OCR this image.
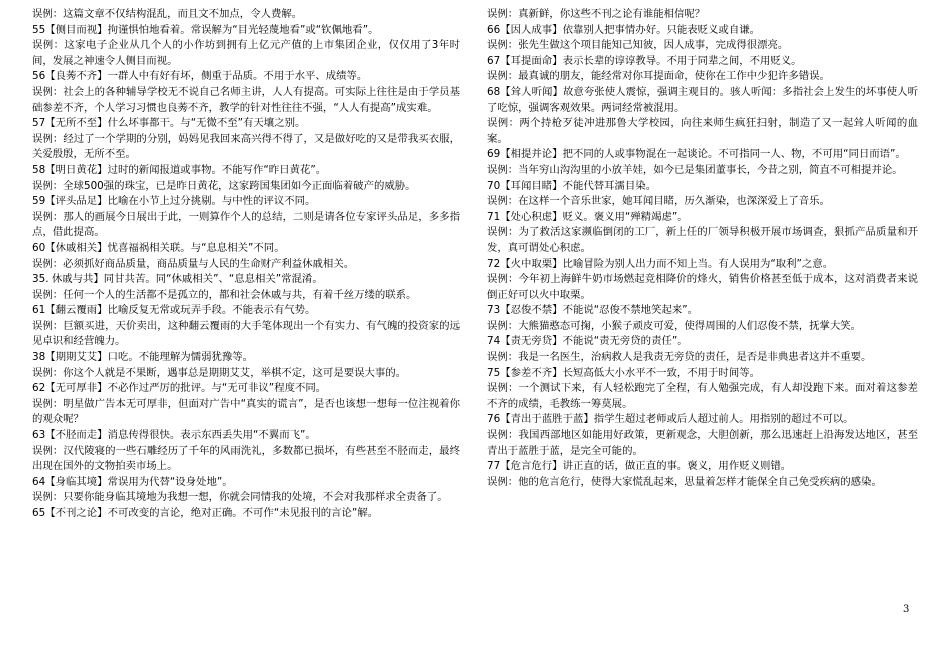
误例：这篇文章不仅结构混乱，而且文不加点，令人费解。

55【侧目而视】拘谨惧怕地看着。常误解为“目光轻蔑地看”或“钦佩地看”。

误例：这家电子企业从几个人的小作坊到拥有上亿元产值的上市集团企业，仅仅用了3年时间，发展之神速令人侧目而视。

56【良莠不齐】一群人中有好有坏，侧重于品质。不用于水平、成绩等。

误例：社会上的各种辅导学校无不说自己名师主讲，人人有提高。可实际上往往是由于学员基础参差不齐，个人学习习惯也良莠不齐，教学的针对性往往不强，“人人有提高”成实难。

57【无所不至】什么坏事都干。与“无微不至”有天壤之别。

误例：经过了一个学期的分别，妈妈见我回来高兴得不得了，又是做好吃的又是带我买衣服，关爱殷殷，无所不至。

58【明日黄花】过时的新闻报道或事物。不能写作“昨日黄花”。

误例：全球500强的珠宝，已是昨日黄花，这家跨国集团如今正面临着破产的威胁。

59【评头品足】比喻在小节上过分挑剔。与中性的评议不同。

误例：那人的画展今日展出于此，一则算作个人的总结，二则是请各位专家评头品足，多多指点，借此提高。

60【休戚相关】忧喜福祸相关联。与“息息相关”不同。

误例：必须抓好商品质量，商品质量与人民的生命财产利益休戚相关。

35. 休戚与共】同甘共苦。同“休戚相关”、“息息相关”常混淆。

误例：任何一个人的生活都不是孤立的，都和社会休戚与共，有着千丝万缕的联系。

61【翻云覆雨】比喻反复无常或玩弄手段。不能表示有气势。

误例：巨额买进，天价卖出，这种翻云覆雨的大手笔体现出一个有实力、有气魄的投资家的远见卓识和经营魄力。

38【期期艾艾】口吃。不能理解为懦弱犹豫等。

误例：你这个人就是不果断，遇事总是期期艾艾，举棋不定，这可是要误大事的。

62【无可厚非】不必作过严厉的批评。与“无可非议”程度不同。

误例：明星做广告本无可厚非，但面对广告中“真实的谎言”，是否也该想一想每一位注视着你的观众呢？

63【不胫而走】消息传得很快。表示东西丢失用“不翼而飞”。

误例：汉代陵寝的一些石雕经历了千年的风雨洗礼，多数都已损坏，有些甚至不胫而走，最终出现在国外的文物拍卖市场上。

64【身临其境】常误用为代替“设身处地”。

误例：只要你能身临其境地为我想一想，你就会同情我的处境，不会对我那样求全责备了。

65【不刊之论】不可改变的言论，绝对正确。不可作“未见报刊的言论”解。

误例：真新鲜，你这些不刊之论有谁能相信呢？

66【因人成事】依靠别人把事情办好。只能表贬义或自谦。

误例：张先生做这个项目能知己知彼，因人成事，完成得很漂亮。

67【耳提面命】表示长辈的谆谆教导。不用于同辈之间，不用贬义。

误例：最真诚的朋友，能经常对你耳提面命，使你在工作中少犯许多错误。

68【耸人听闻】故意夸张使人震惊，强调主观目的。骇人听闻：多指社会上发生的坏事使人听了吃惊，强调客观效果。两词经常被混用。

误例：两个持枪歹徒冲进那鲁大学校园，向往来师生疯狂扫射，制造了又一起耸人听闻的血案。

69【相提并论】把不同的人或事物混在一起谈论。不可指同一人、物，不可用“同日而语”。

误例：当年穷山沟沟里的小放羊娃，如今已是集团董事长，今昔之别，简直不可相提并论。

70【耳闻目睹】不能代替耳濡目染。

误例：在这样一个音乐世家，她耳闻目睹，历久渐染，也深深爱上了音乐。

71【处心积虑】贬义。褒义用“殚精竭虑”。

误例：为了救活这家濒临倒闭的工厂，新上任的厂领导积极开展市场调查，狠抓产品质量和开发，真可谓处心积虑。

72【火中取栗】比喻冒险为别人出力而不知上当。有人误用为“取利”之意。

误例：今年初上海鲜牛奶市场燃起竞相降价的烽火，销售价格甚至低于成本，这对消费者来说倒正好可以火中取栗。

73【忍俊不禁】不能说“忍俊不禁地笑起来”。

误例：大熊猫憨态可掬，小猴子顽皮可爱，使得周围的人们忍俊不禁，抚掌大笑。

74【责无旁贷】不能说“责无旁贷的责任”。

误例：我是一名医生，治病救人是我责无旁贷的责任，是否是非典患者这并不重要。

75【参差不齐】长短高低大小水平不一致，不用于时间等。

误例：一个测试下来，有人轻松跑完了全程，有人勉强完成，有人却没跑下来。面对着这参差不齐的成绩，毛教练一筹莫展。

76【青出于蓝胜于蓝】指学生超过老师或后人超过前人。用指别的超过不可以。

误例：我国西部地区如能用好政策，更新观念，大胆创新，那么迅速赶上沿海发达地区，甚至青出于蓝胜于蓝，是完全可能的。

77【危言危行】讲正直的话，做正直的事。褒义，用作贬义则错。

误例：他的危言危行，使得大家慌乱起来，思量着怎样才能保全自己免受疾病的感染。

3
